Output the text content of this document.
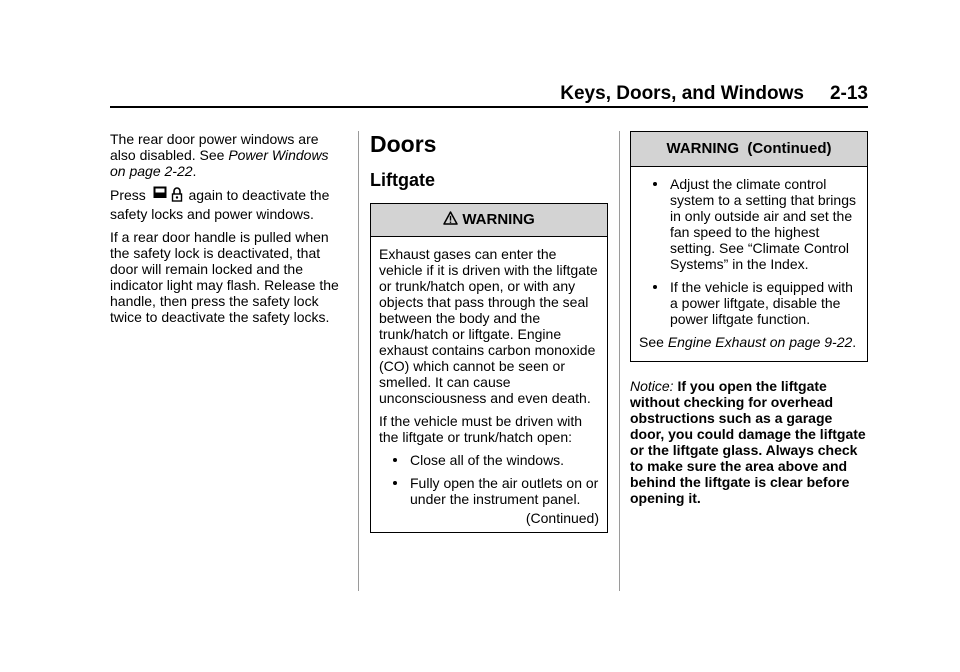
Keys, Doors, and Windows 2-13

The rear door power windows are also disabled. See Power Windows on page 2-22.

Press	again to deactivate the safety locks and power windows.

If a rear door handle is pulled when the safety lock is deactivated, that door will remain locked and the indicator light may flash. Release the handle, then press the safety lock twice to deactivate the safety locks.

Doors
Liftgate
WARNING

Exhaust gases can enter the vehicle if it is driven with the liftgate or trunk/hatch open, or with any objects that pass through the seal between the body and the trunk/hatch or liftgate. Engine exhaust contains carbon monoxide (CO) which cannot be seen or smelled. It can cause unconsciousness and even death.

If the vehicle must be driven with the liftgate or trunk/hatch open:

Close all of the windows.
Fully open the air outlets on or under the instrument panel.

(Continued)

WARNING  (Continued)
Adjust the climate control system to a setting that brings in only outside air and set the fan speed to the highest setting. See “Climate Control Systems” in the Index.
If the vehicle is equipped with a power liftgate, disable the power liftgate function.

See Engine Exhaust on page 9-22.

Notice: If you open the liftgate without checking for overhead obstructions such as a garage door, you could damage the liftgate or the liftgate glass. Always check to make sure the area above and behind the liftgate is clear before opening it.
